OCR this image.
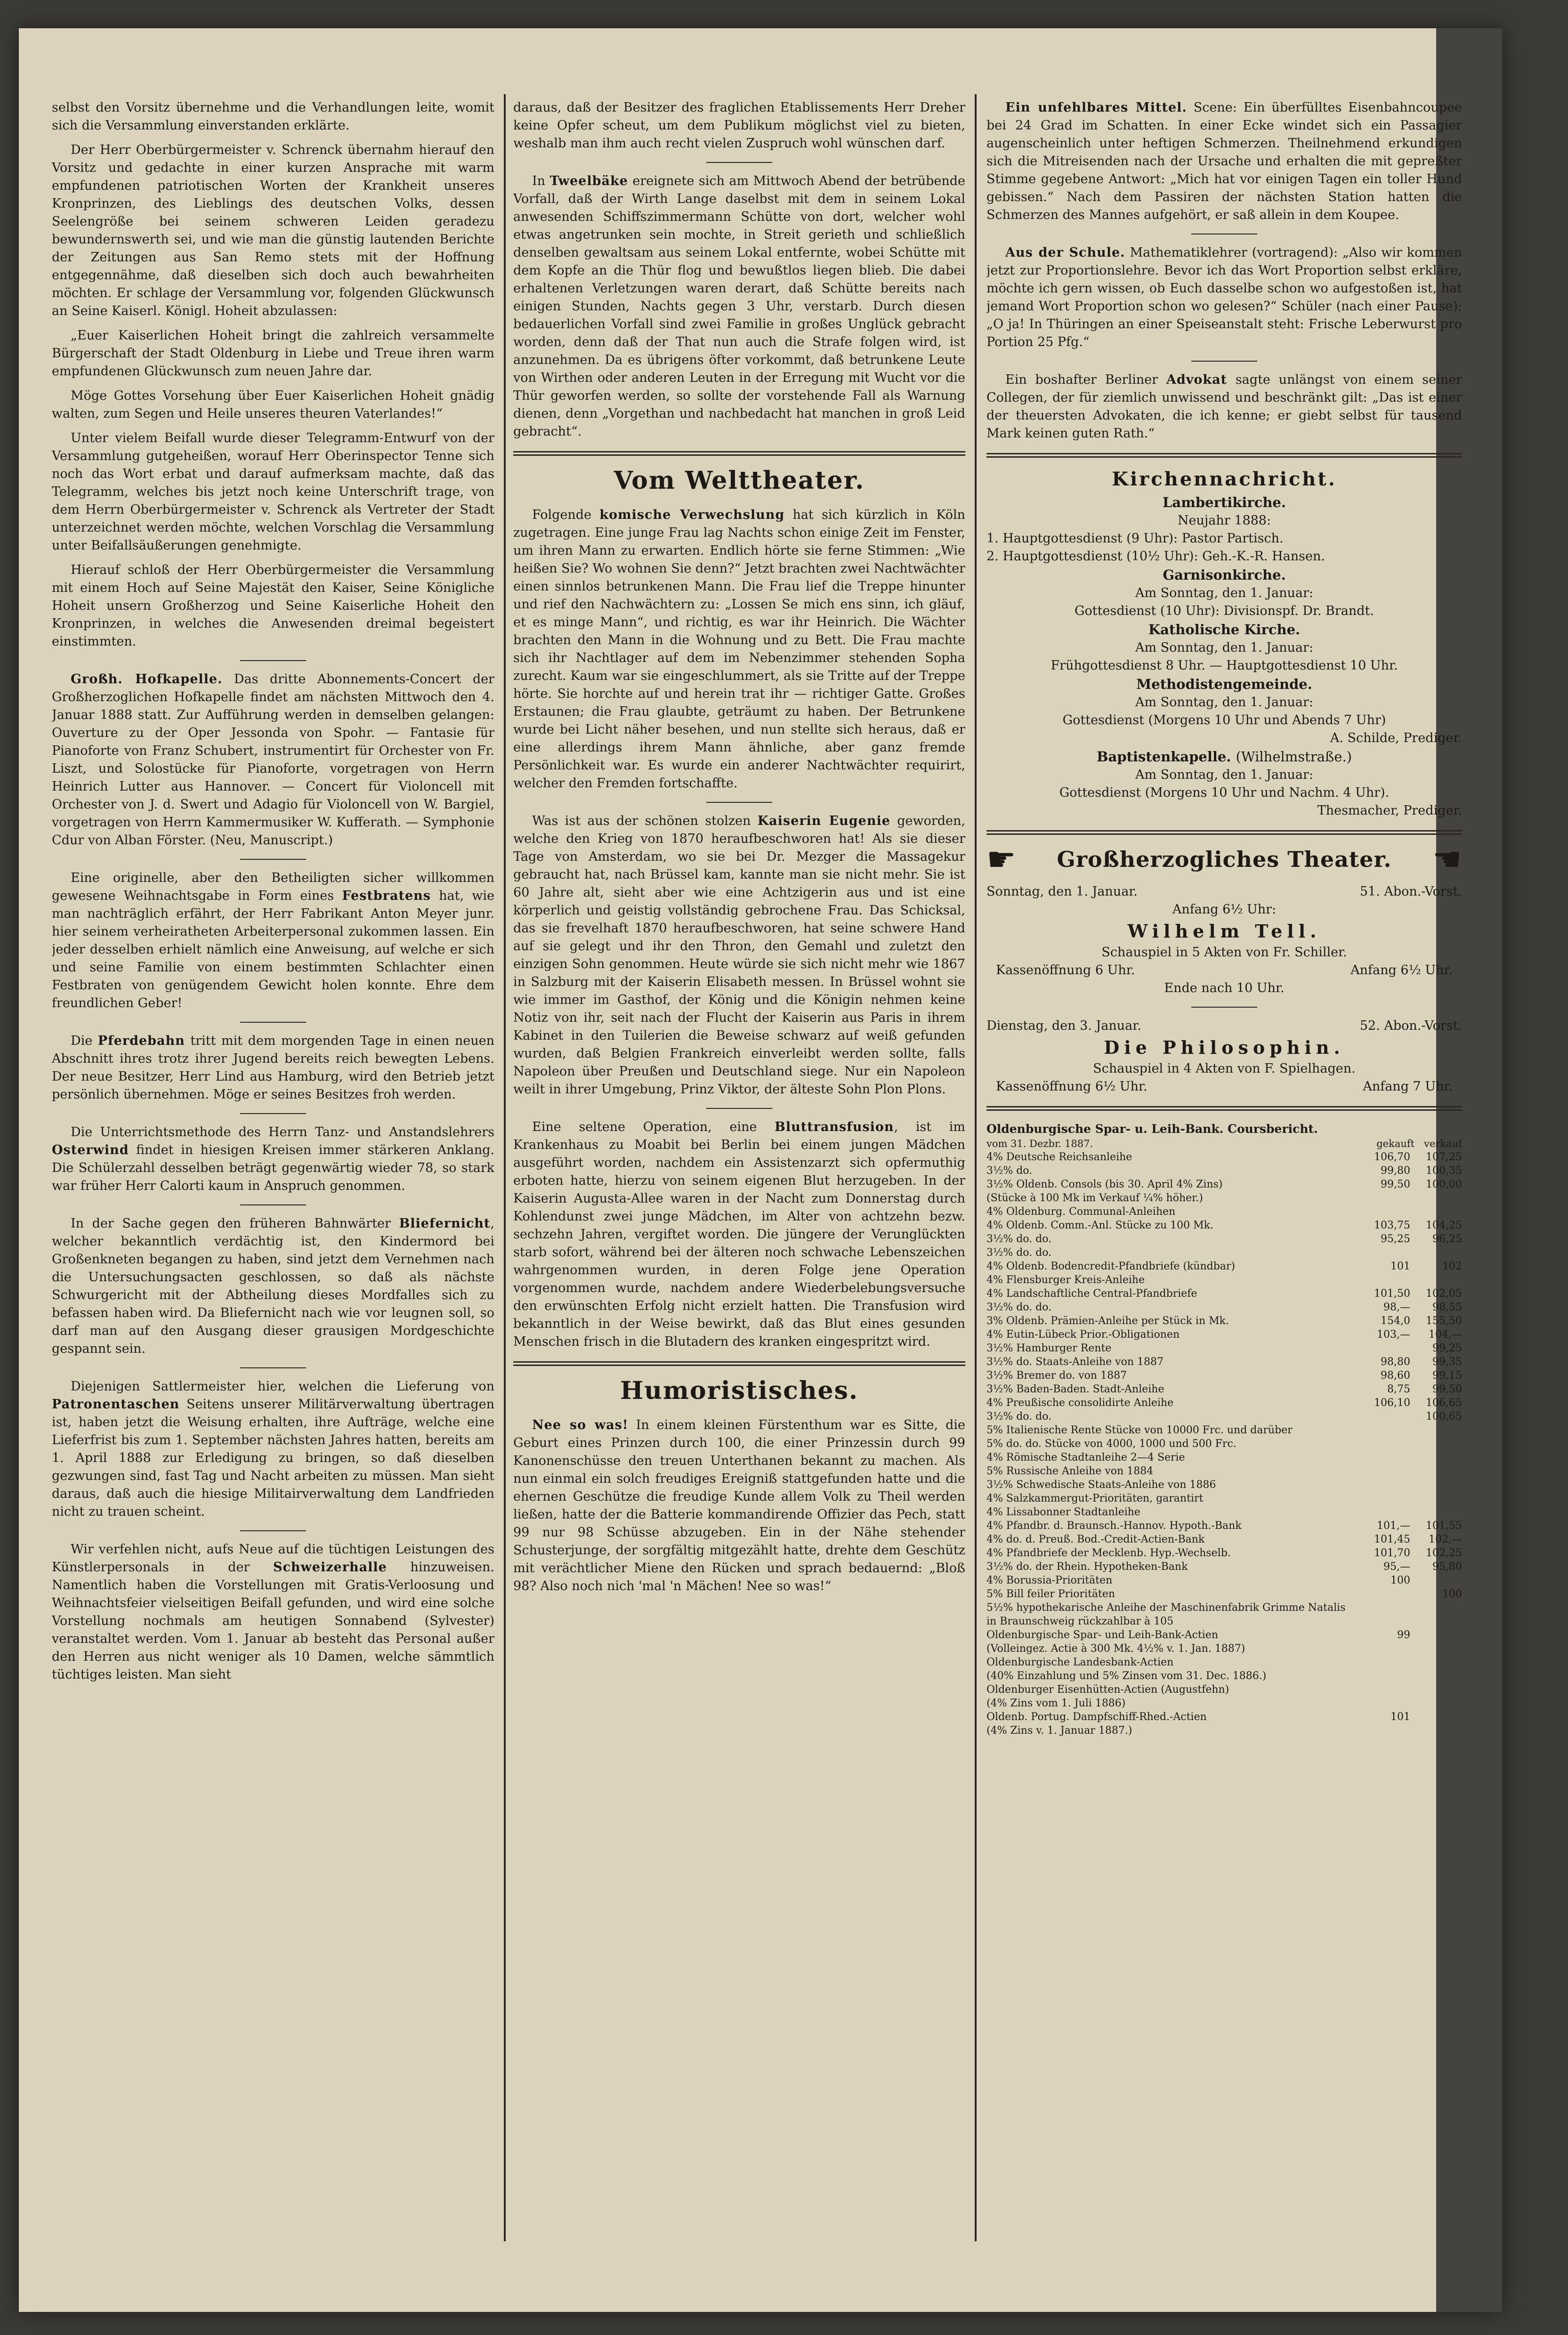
selbst den Vorsitz übernehme und die Verhandlungen leite, womit sich die Versammlung einverstanden erklärte.

Der Herr Oberbürgermeister v. Schrenck übernahm hierauf den Vorsitz und gedachte in einer kurzen Ansprache mit warm empfundenen patriotischen Worten der Krankheit unseres Kronprinzen, des Lieblings des deutschen Volks, dessen Seelengröße bei seinem schweren Leiden geradezu bewundernswerth sei, und wie man die günstig lautenden Berichte der Zeitungen aus San Remo stets mit der Hoffnung entgegennähme, daß dieselben sich doch auch bewahrheiten möchten. Er schlage der Versammlung vor, folgenden Glückwunsch an Seine Kaiserl. Königl. Hoheit abzulassen:

„Euer Kaiserlichen Hoheit bringt die zahlreich versammelte Bürgerschaft der Stadt Oldenburg in Liebe und Treue ihren warm empfundenen Glückwunsch zum neuen Jahre dar.

Möge Gottes Vorsehung über Euer Kaiserlichen Hoheit gnädig walten, zum Segen und Heile unseres theuren Vaterlandes!“

Unter vielem Beifall wurde dieser Telegramm-Entwurf von der Versammlung gutgeheißen, worauf Herr Oberinspector Tenne sich noch das Wort erbat und darauf aufmerksam machte, daß das Telegramm, welches bis jetzt noch keine Unterschrift trage, von dem Herrn Oberbürgermeister v. Schrenck als Vertreter der Stadt unterzeichnet werden möchte, welchen Vorschlag die Versammlung unter Beifallsäußerungen genehmigte.

Hierauf schloß der Herr Oberbürgermeister die Versammlung mit einem Hoch auf Seine Majestät den Kaiser, Seine Königliche Hoheit unsern Großherzog und Seine Kaiserliche Hoheit den Kronprinzen, in welches die Anwesenden dreimal begeistert einstimmten.

Großh. Hofkapelle. Das dritte Abonnements-Concert der Großherzoglichen Hofkapelle findet am nächsten Mittwoch den 4. Januar 1888 statt. Zur Aufführung werden in demselben gelangen: Ouverture zu der Oper Jessonda von Spohr. — Fantasie für Pianoforte von Franz Schubert, instrumentirt für Orchester von Fr. Liszt, und Solostücke für Pianoforte, vorgetragen von Herrn Heinrich Lutter aus Hannover. — Concert für Violoncell mit Orchester von J. d. Swert und Adagio für Violoncell von W. Bargiel, vorgetragen von Herrn Kammermusiker W. Kufferath. — Symphonie Cdur von Alban Förster. (Neu, Manuscript.)

Eine originelle, aber den Betheiligten sicher willkommen gewesene Weihnachtsgabe in Form eines Festbratens hat, wie man nachträglich erfährt, der Herr Fabrikant Anton Meyer junr. hier seinem verheiratheten Arbeiterpersonal zukommen lassen. Ein jeder desselben erhielt nämlich eine Anweisung, auf welche er sich und seine Familie von einem bestimmten Schlachter einen Festbraten von genügendem Gewicht holen konnte. Ehre dem freundlichen Geber!

Die Pferdebahn tritt mit dem morgenden Tage in einen neuen Abschnitt ihres trotz ihrer Jugend bereits reich bewegten Lebens. Der neue Besitzer, Herr Lind aus Hamburg, wird den Betrieb jetzt persönlich übernehmen. Möge er seines Besitzes froh werden.

Die Unterrichtsmethode des Herrn Tanz- und Anstandslehrers Osterwind findet in hiesigen Kreisen immer stärkeren Anklang. Die Schülerzahl desselben beträgt gegenwärtig wieder 78, so stark war früher Herr Calorti kaum in Anspruch genommen.

In der Sache gegen den früheren Bahnwärter Bliefernicht, welcher bekanntlich verdächtig ist, den Kindermord bei Großenkneten begangen zu haben, sind jetzt dem Vernehmen nach die Untersuchungsacten geschlossen, so daß als nächste Schwurgericht mit der Abtheilung dieses Mordfalles sich zu befassen haben wird. Da Bliefernicht nach wie vor leugnen soll, so darf man auf den Ausgang dieser grausigen Mordgeschichte gespannt sein.

Diejenigen Sattlermeister hier, welchen die Lieferung von Patronentaschen Seitens unserer Militärverwaltung übertragen ist, haben jetzt die Weisung erhalten, ihre Aufträge, welche eine Lieferfrist bis zum 1. September nächsten Jahres hatten, bereits am 1. April 1888 zur Erledigung zu bringen, so daß dieselben gezwungen sind, fast Tag und Nacht arbeiten zu müssen. Man sieht daraus, daß auch die hiesige Militairverwaltung dem Landfrieden nicht zu trauen scheint.

Wir verfehlen nicht, aufs Neue auf die tüchtigen Leistungen des Künstlerpersonals in der Schweizerhalle hinzuweisen. Namentlich haben die Vorstellungen mit Gratis-Verloosung und Weihnachtsfeier vielseitigen Beifall gefunden, und wird eine solche Vorstellung nochmals am heutigen Sonnabend (Sylvester) veranstaltet werden. Vom 1. Januar ab besteht das Personal außer den Herren aus nicht weniger als 10 Damen, welche sämmtlich tüchtiges leisten. Man sieht

daraus, daß der Besitzer des fraglichen Etablissements Herr Dreher keine Opfer scheut, um dem Publikum möglichst viel zu bieten, weshalb man ihm auch recht vielen Zuspruch wohl wünschen darf.

In Tweelbäke ereignete sich am Mittwoch Abend der betrübende Vorfall, daß der Wirth Lange daselbst mit dem in seinem Lokal anwesenden Schiffszimmermann Schütte von dort, welcher wohl etwas angetrunken sein mochte, in Streit gerieth und schließlich denselben gewaltsam aus seinem Lokal entfernte, wobei Schütte mit dem Kopfe an die Thür flog und bewußtlos liegen blieb. Die dabei erhaltenen Verletzungen waren derart, daß Schütte bereits nach einigen Stunden, Nachts gegen 3 Uhr, verstarb. Durch diesen bedauerlichen Vorfall sind zwei Familie in großes Unglück gebracht worden, denn daß der That nun auch die Strafe folgen wird, ist anzunehmen. Da es übrigens öfter vorkommt, daß betrunkene Leute von Wirthen oder anderen Leuten in der Erregung mit Wucht vor die Thür geworfen werden, so sollte der vorstehende Fall als Warnung dienen, denn „Vorgethan und nachbedacht hat manchen in groß Leid gebracht“.

Vom Welttheater.

Folgende komische Verwechslung hat sich kürzlich in Köln zugetragen. Eine junge Frau lag Nachts schon einige Zeit im Fenster, um ihren Mann zu erwarten. Endlich hörte sie ferne Stimmen: „Wie heißen Sie? Wo wohnen Sie denn?“ Jetzt brachten zwei Nachtwächter einen sinnlos betrunkenen Mann. Die Frau lief die Treppe hinunter und rief den Nachwächtern zu: „Lossen Se mich ens sinn, ich gläuf, et es minge Mann“, und richtig, es war ihr Heinrich. Die Wächter brachten den Mann in die Wohnung und zu Bett. Die Frau machte sich ihr Nachtlager auf dem im Nebenzimmer stehenden Sopha zurecht. Kaum war sie eingeschlummert, als sie Tritte auf der Treppe hörte. Sie horchte auf und herein trat ihr — richtiger Gatte. Großes Erstaunen; die Frau glaubte, geträumt zu haben. Der Betrunkene wurde bei Licht näher besehen, und nun stellte sich heraus, daß er eine allerdings ihrem Mann ähnliche, aber ganz fremde Persönlichkeit war. Es wurde ein anderer Nachtwächter requirirt, welcher den Fremden fortschaffte.

Was ist aus der schönen stolzen Kaiserin Eugenie geworden, welche den Krieg von 1870 heraufbeschworen hat! Als sie dieser Tage von Amsterdam, wo sie bei Dr. Mezger die Massagekur gebraucht hat, nach Brüssel kam, kannte man sie nicht mehr. Sie ist 60 Jahre alt, sieht aber wie eine Achtzigerin aus und ist eine körperlich und geistig vollständig gebrochene Frau. Das Schicksal, das sie frevelhaft 1870 heraufbeschworen, hat seine schwere Hand auf sie gelegt und ihr den Thron, den Gemahl und zuletzt den einzigen Sohn genommen. Heute würde sie sich nicht mehr wie 1867 in Salzburg mit der Kaiserin Elisabeth messen. In Brüssel wohnt sie wie immer im Gasthof, der König und die Königin nehmen keine Notiz von ihr, seit nach der Flucht der Kaiserin aus Paris in ihrem Kabinet in den Tuilerien die Beweise schwarz auf weiß gefunden wurden, daß Belgien Frankreich einverleibt werden sollte, falls Napoleon über Preußen und Deutschland siege. Nur ein Napoleon weilt in ihrer Umgebung, Prinz Viktor, der älteste Sohn Plon Plons.

Eine seltene Operation, eine Bluttransfusion, ist im Krankenhaus zu Moabit bei Berlin bei einem jungen Mädchen ausgeführt worden, nachdem ein Assistenzarzt sich opfermuthig erboten hatte, hierzu von seinem eigenen Blut herzugeben. In der Kaiserin Augusta-Allee waren in der Nacht zum Donnerstag durch Kohlendunst zwei junge Mädchen, im Alter von achtzehn bezw. sechzehn Jahren, vergiftet worden. Die jüngere der Verunglückten starb sofort, während bei der älteren noch schwache Lebenszeichen wahrgenommen wurden, in deren Folge jene Operation vorgenommen wurde, nachdem andere Wiederbelebungsversuche den erwünschten Erfolg nicht erzielt hatten. Die Transfusion wird bekanntlich in der Weise bewirkt, daß das Blut eines gesunden Menschen frisch in die Blutadern des kranken eingespritzt wird.

Humoristisches.

Nee so was! In einem kleinen Fürstenthum war es Sitte, die Geburt eines Prinzen durch 100, die einer Prinzessin durch 99 Kanonenschüsse den treuen Unterthanen bekannt zu machen. Als nun einmal ein solch freudiges Ereigniß stattgefunden hatte und die ehernen Geschütze die freudige Kunde allem Volk zu Theil werden ließen, hatte der die Batterie kommandirende Offizier das Pech, statt 99 nur 98 Schüsse abzugeben. Ein in der Nähe stehender Schusterjunge, der sorgfältig mitgezählt hatte, drehte dem Geschütz mit verächtlicher Miene den Rücken und sprach bedauernd: „Bloß 98? Also noch nich 'mal 'n Mächen! Nee so was!“

Ein unfehlbares Mittel. Scene: Ein überfülltes Eisenbahncoupee bei 24 Grad im Schatten. In einer Ecke windet sich ein Passagier augenscheinlich unter heftigen Schmerzen. Theilnehmend erkundigen sich die Mitreisenden nach der Ursache und erhalten die mit gepreßter Stimme gegebene Antwort: „Mich hat vor einigen Tagen ein toller Hund gebissen.“ Nach dem Passiren der nächsten Station hatten die Schmerzen des Mannes aufgehört, er saß allein in dem Koupee.

Aus der Schule. Mathematiklehrer (vortragend): „Also wir kommen jetzt zur Proportionslehre. Bevor ich das Wort Proportion selbst erkläre, möchte ich gern wissen, ob Euch dasselbe schon wo aufgestoßen ist, hat jemand Wort Proportion schon wo gelesen?“ Schüler (nach einer Pause): „O ja! In Thüringen an einer Speiseanstalt steht: Frische Leberwurst pro Portion 25 Pfg.“

Ein boshafter Berliner Advokat sagte unlängst von einem seiner Collegen, der für ziemlich unwissend und beschränkt gilt: „Das ist einer der theuersten Advokaten, die ich kenne; er giebt selbst für tausend Mark keinen guten Rath.“

Kirchennachricht.
Lambertikirche.
Neujahr 1888:
1. Hauptgottesdienst (9 Uhr): Pastor Partisch.
2. Hauptgottesdienst (10½ Uhr): Geh.-K.-R. Hansen.
Garnisonkirche.
Am Sonntag, den 1. Januar:
Gottesdienst (10 Uhr): Divisionspf. Dr. Brandt.
Katholische Kirche.
Am Sonntag, den 1. Januar:
Frühgottesdienst 8 Uhr. — Hauptgottesdienst 10 Uhr.
Methodistengemeinde.
Am Sonntag, den 1. Januar:
Gottesdienst (Morgens 10 Uhr und Abends 7 Uhr)
A. Schilde, Prediger.
Baptistenkapelle. (Wilhelmstraße.)
Am Sonntag, den 1. Januar:
Gottesdienst (Morgens 10 Uhr und Nachm. 4 Uhr).
Thesmacher, Prediger.
☛ Großherzogliches Theater. ☛
Sonntag, den 1. Januar.	51. Abon.-Vorst.
Anfang 6½ Uhr:
Wilhelm Tell.
Schauspiel in 5 Akten von Fr. Schiller.
Kassenöffnung 6 Uhr.	Anfang 6½ Uhr.
Ende nach 10 Uhr.
Dienstag, den 3. Januar.	52. Abon.-Vorst.
Die Philosophin.
Schauspiel in 4 Akten von F. Spielhagen.
Kassenöffnung 6½ Uhr.	Anfang 7 Uhr.
Oldenburgische Spar- u. Leih-Bank. Coursbericht.
vom 31. Dezbr. 1887.	gekauft verkauf
4% Deutsche Reichsanleihe	106,70	107,25
3½% do.	99,80	100,35
3½% Oldenb. Consols (bis 30. April 4% Zins)	99,50	100,00
(Stücke à 100 Mk im Verkauf ¼% höher.)		
4% Oldenburg. Communal-Anleihen		
4% Oldenb. Comm.-Anl. Stücke zu 100 Mk.	103,75	104,25
3½% do. do.	95,25	96,25
3½% do. do.		
4% Oldenb. Bodencredit-Pfandbriefe (kündbar)	101	102
4% Flensburger Kreis-Anleihe		
4% Landschaftliche Central-Pfandbriefe	101,50	102,05
3½% do. do.	98,—	98,55
3% Oldenb. Prämien-Anleihe per Stück in Mk.	154,0	155,50
4% Eutin-Lübeck Prior.-Obligationen	103,—	104,—
3½% Hamburger Rente		99,25
3½% do. Staats-Anleihe von 1887	98,80	99,35
3½% Bremer do. von 1887	98,60	99,15
3½% Baden-Baden. Stadt-Anleihe	8,75	99,50
4% Preußische consolidirte Anleihe	106,10	106,65
3½% do. do.		100,65
5% Italienische Rente Stücke von 10000 Frc. und darüber		
5% do. do. Stücke von 4000, 1000 und 500 Frc.		
4% Römische Stadtanleihe 2—4 Serie		
5% Russische Anleihe von 1884		
3½% Schwedische Staats-Anleihe von 1886		
4% Salzkammergut-Prioritäten, garantirt		
4% Lissabonner Stadtanleihe		
4% Pfandbr. d. Braunsch.-Hannov. Hypoth.-Bank	101,—	101,55
4% do. d. Preuß. Bod.-Credit-Actien-Bank	101,45	102,—
4% Pfandbriefe der Mecklenb. Hyp.-Wechselb.	101,70	102,25
3½% do. der Rhein. Hypotheken-Bank	95,—	95,80
4% Borussia-Prioritäten	100	
5% Bill feiler Prioritäten		100
5½% hypothekarische Anleihe der Maschinenfabrik Grimme Natalis in Braunschweig rückzahlbar à 105		
Oldenburgische Spar- und Leih-Bank-Actien	99	
(Volleingez. Actie à 300 Mk. 4½% v. 1. Jan. 1887)		
Oldenburgische Landesbank-Actien		
(40% Einzahlung und 5% Zinsen vom 31. Dec. 1886.)		
Oldenburger Eisenhütten-Actien (Augustfehn)		
(4% Zins vom 1. Juli 1886)		
Oldenb. Portug. Dampfschiff-Rhed.-Actien	101	
(4% Zins v. 1. Januar 1887.)		
